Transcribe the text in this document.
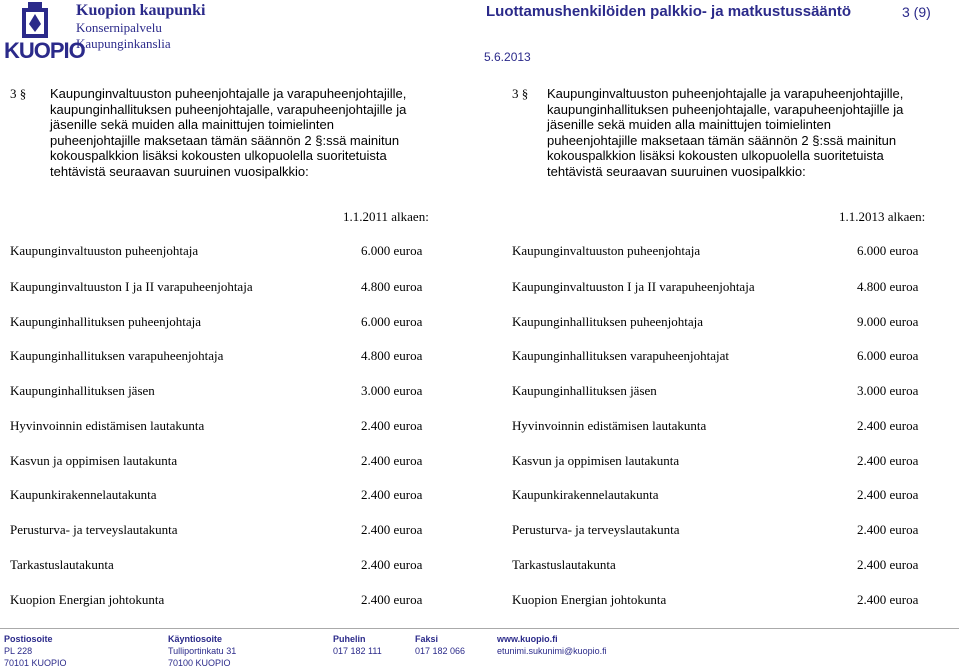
KUOPIO
Kuopion kaupunki
Konsernipalvelu
Kaupunginkanslia
Luottamushenkilöiden palkkio- ja matkustussääntö	3 (9)
5.6.2013
3 § Kaupunginvaltuuston puheenjohtajalle ja varapuheenjohtajille,
kaupunginhallituksen puheenjohtajalle, varapuheenjohtajille ja
jäsenille sekä muiden alla mainittujen toimielinten
puheenjohtajille maksetaan tämän säännön 2 §:ssä mainitun
kokouspalkkion lisäksi kokousten ulkopuolella suoritetuista
tehtävistä seuraavan suuruinen vuosipalkkio:
1.1.2011 alkaen:
3 § Kaupunginvaltuuston puheenjohtajalle ja varapuheenjohtajille,
kaupunginhallituksen puheenjohtajalle, varapuheenjohtajille ja
jäsenille sekä muiden alla mainittujen toimielinten
puheenjohtajille maksetaan tämän säännön 2 §:ssä mainitun
kokouspalkkion lisäksi kokousten ulkopuolella suoritetuista
tehtävistä seuraavan suuruinen vuosipalkkio:
1.1.2013 alkaen:
Kaupunginvaltuuston puheenjohtaja	6.000 euroa
Kaupunginvaltuuston I ja II varapuheenjohtaja	4.800 euroa
Kaupunginhallituksen puheenjohtaja	6.000 euroa
Kaupunginhallituksen varapuheenjohtaja	4.800 euroa
Kaupunginhallituksen jäsen	3.000 euroa
Hyvinvoinnin edistämisen lautakunta	2.400 euroa
Kasvun ja oppimisen lautakunta	2.400 euroa
Kaupunkirakennelautakunta	2.400 euroa
Perusturva- ja terveyslautakunta	2.400 euroa
Tarkastuslautakunta	2.400 euroa
Kuopion Energian johtokunta	2.400 euroa
Kaupunginvaltuuston puheenjohtaja	6.000 euroa
Kaupunginvaltuuston I ja II varapuheenjohtaja	4.800 euroa
Kaupunginhallituksen puheenjohtaja	9.000 euroa
Kaupunginhallituksen varapuheenjohtajat	6.000 euroa
Kaupunginhallituksen jäsen	3.000 euroa
Hyvinvoinnin edistämisen lautakunta	2.400 euroa
Kasvun ja oppimisen lautakunta	2.400 euroa
Kaupunkirakennelautakunta	2.400 euroa
Perusturva- ja terveyslautakunta	2.400 euroa
Tarkastuslautakunta	2.400 euroa
Kuopion Energian johtokunta	2.400 euroa
Postiosoite
PL 228
70101 KUOPIO
Käyntiosoite
Tulliportinkatu 31
70100 KUOPIO
Puhelin
017 182 111
Faksi
017 182 066
www.kuopio.fi
etunimi.sukunimi@kuopio.fi
